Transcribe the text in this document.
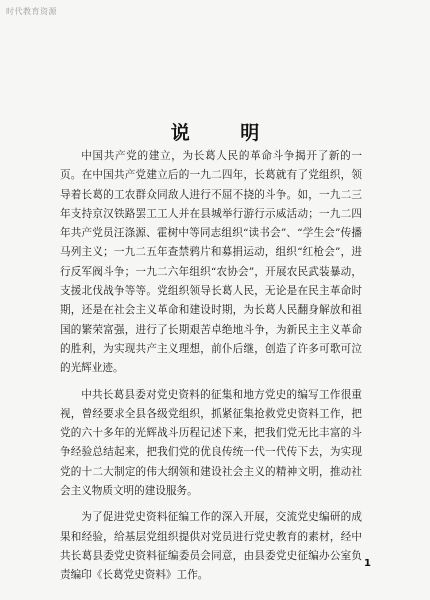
时代教育资源
说 明

中国共产党的建立，为长葛人民的革命斗争揭开了新的一页。在中国共产党建立后的一九二四年，长葛就有了党组织，领导着长葛的工农群众同敌人进行不屈不挠的斗争。如，一九二三年支持京汉铁路罢工工人并在县城举行游行示威活动；一九二四年共产党员汪涤源、霍树中等同志组织“读书会”、“学生会”传播马列主义；一九二五年查禁鸦片和募捐运动，组织“红枪会”，进行反军阀斗争；一九二六年组织“农协会”，开展农民武装暴动，支援北伐战争等等。党组织领导长葛人民，无论是在民主革命时期，还是在社会主义革命和建设时期，为长葛人民翻身解放和祖国的繁荣富强，进行了长期艰苦卓绝地斗争，为新民主主义革命的胜利，为实现共产主义理想，前仆后继，创造了许多可歌可泣的光辉业迹。

中共长葛县委对党史资料的征集和地方党史的编写工作很重视，曾经要求全县各级党组织，抓紧征集抢救党史资料工作，把党的六十多年的光辉战斗历程记述下来，把我们党无比丰富的斗争经验总结起来，把我们党的优良传统一代一代传下去，为实现党的十二大制定的伟大纲领和建设社会主义的精神文明，推动社会主义物质文明的建设服务。

为了促进党史资料征编工作的深入开展，交流党史编研的成果和经验，给基层党组织提供对党员进行党史教育的素材，经中共长葛县委党史资料征编委员会同意，由县委党史征编办公室负责编印《长葛党史资料》工作。

1
